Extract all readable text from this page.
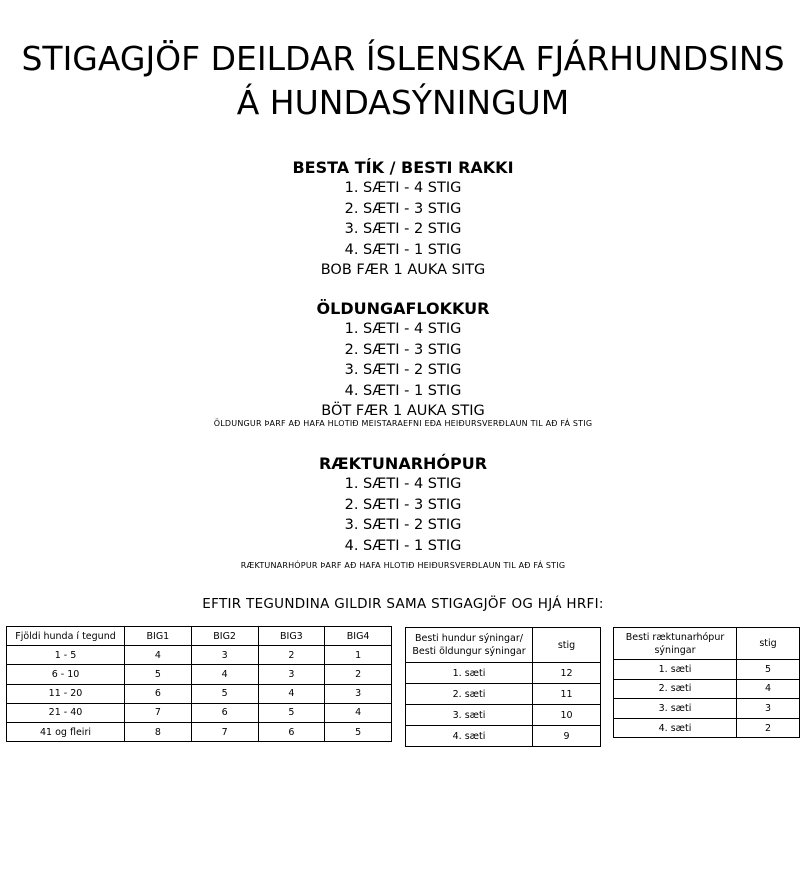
STIGAGJÖF DEILDAR ÍSLENSKA FJÁRHUNDSINS
Á HUNDASÝNINGUM
BESTA TÍK / BESTI RAKKI
1. SÆTI - 4 STIG
2. SÆTI - 3 STIG
3. SÆTI - 2 STIG
4. SÆTI - 1 STIG
BOB FÆR 1 AUKA SITG
ÖLDUNGAFLOKKUR
1. SÆTI - 4 STIG
2. SÆTI - 3 STIG
3. SÆTI - 2 STIG
4. SÆTI - 1 STIG
BÖT FÆR 1 AUKA STIG
ÖLDUNGUR ÞARF AÐ HAFA HLOTIÐ MEISTARAEFNI EÐA HEIÐURSVERÐLAUN TIL AÐ FÁ STIG
RÆKTUNARHÓPUR
1. SÆTI - 4 STIG
2. SÆTI - 3 STIG
3. SÆTI - 2 STIG
4. SÆTI - 1 STIG
RÆKTUNARHÓPUR ÞARF AÐ HAFA HLOTIÐ HEIÐURSVERÐLAUN TIL AÐ FÁ STIG
EFTIR TEGUNDINA GILDIR SAMA STIGAGJÖF OG HJÁ HRFI:
Fjöldi hunda í tegund	BIG1	BIG2	BIG3	BIG4
1 - 5	4	3	2	1
6 - 10	5	4	3	2
11 - 20	6	5	4	3
21 - 40	7	6	5	4
41 og fleiri	8	7	6	5
Besti hundur sýningar/
Besti öldungur sýningar	stig
1. sæti	12
2. sæti	11
3. sæti	10
4. sæti	9
Besti ræktunarhópur
sýningar	stig
1. sæti	5
2. sæti	4
3. sæti	3
4. sæti	2
